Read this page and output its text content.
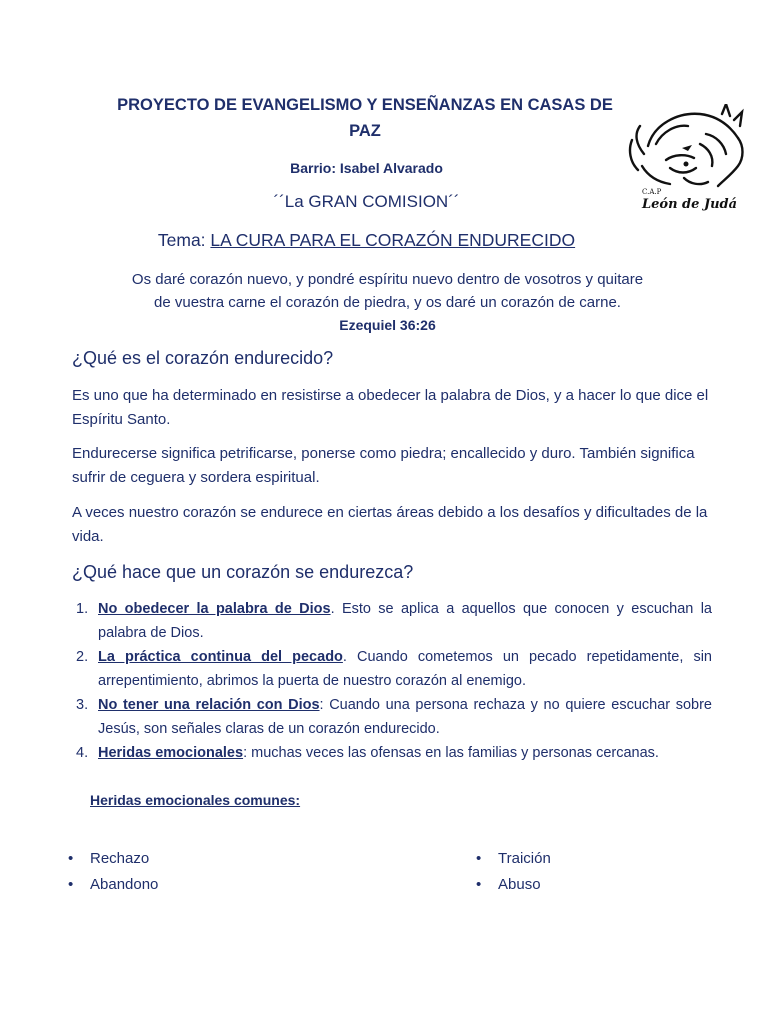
PROYECTO DE EVANGELISMO Y ENSEÑANZAS EN CASAS DE PAZ
C.A.P
León de Judá
Barrio: Isabel Alvarado
´´La GRAN COMISION´´
Tema: LA CURA PARA EL CORAZÓN ENDURECIDO
Os daré corazón nuevo, y pondré espíritu nuevo dentro de vosotros y quitare
de vuestra carne el corazón de piedra, y os daré un corazón de carne.
Ezequiel 36:26
¿Qué es el corazón endurecido?
Es uno que ha determinado en resistirse a obedecer la palabra de Dios, y a hacer lo que dice el Espíritu Santo.
Endurecerse significa petrificarse, ponerse como piedra; encallecido y duro. También significa sufrir de ceguera y sordera espiritual.
A veces nuestro corazón se endurece en ciertas áreas debido a los desafíos y dificultades de la vida.
¿Qué hace que un corazón se endurezca?
1. No obedecer la palabra de Dios. Esto se aplica a aquellos que conocen y escuchan la palabra de Dios.
2. La práctica continua del pecado. Cuando cometemos un pecado repetidamente, sin arrepentimiento, abrimos la puerta de nuestro corazón al enemigo.
3. No tener una relación con Dios: Cuando una persona rechaza y no quiere escuchar sobre Jesús, son señales claras de un corazón endurecido.
4. Heridas emocionales: muchas veces las ofensas en las familias y personas cercanas.
Heridas emocionales comunes:
• Rechazo
• Abandono
• Traición
• Abuso
